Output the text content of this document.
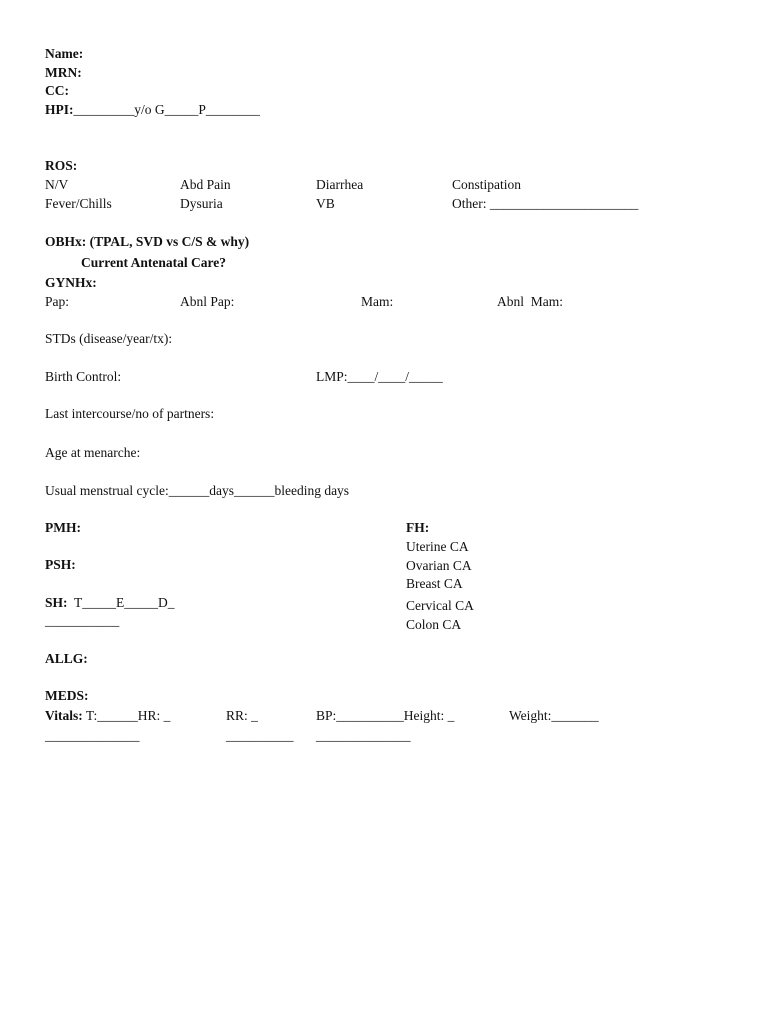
Name:
MRN:
CC:
HPI:_________y/o G_____P________
ROS:
N/V	Abd Pain	Diarrhea	Constipation
Fever/Chills	Dysuria	VB	Other: ______________________
OBHx: (TPAL, SVD vs C/S & why)
Current Antenatal Care?
GYNHx:
Pap:	Abnl Pap:	Mam:	Abnl  Mam:
STDs (disease/year/tx):
Birth Control:	LMP:____/____/_____
Last intercourse/no of partners:
Age at menarche:
Usual menstrual cycle:______days______bleeding days
PMH:
PSH:
SH: T_____E_____D_
___________
FH:
Uterine CA
Ovarian CA
Breast CA
Cervical CA
Colon CA
ALLG:
MEDS:
Vitals: T:______HR: _	RR: _	BP:__________Height: _	Weight:_______
______________	__________ ______________
